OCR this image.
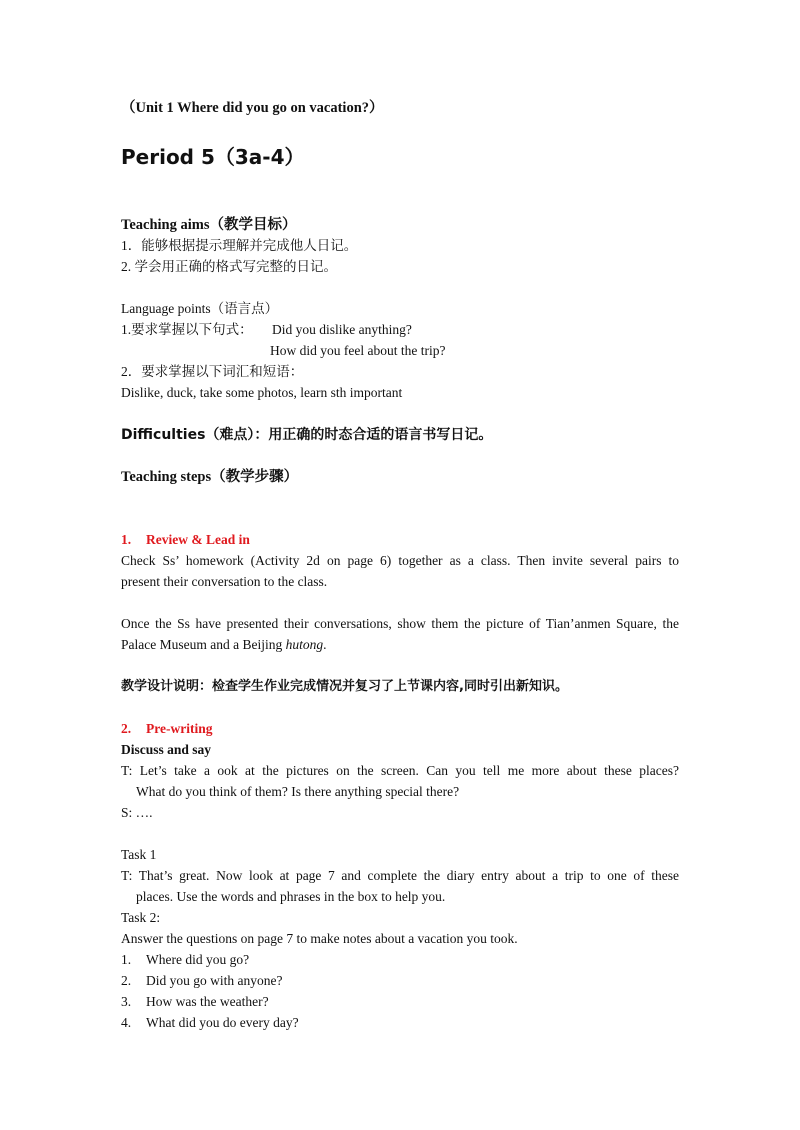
（Unit 1 Where did you go on vacation?）
Period 5（3a-4）
Teaching aims（教学目标）
1．能够根据提示理解并完成他人日记。
2. 学会用正确的格式写完整的日记。
Language points（语言点）
1.要求掌握以下句式： Did you dislike anything?
How did you feel about the trip?
2．要求掌握以下词汇和短语：
Dislike, duck, take some photos, learn sth important
Difficulties（难点）：用正确的时态合适的语言书写日记。
Teaching steps（教学步骤）
1. Review & Lead in
Check Ss’ homework (Activity 2d on page 6) together as a class. Then invite several pairs to
present their conversation to the class.
Once the Ss have presented their conversations, show them the picture of Tian’anmen Square, the
Palace Museum and a Beijing hutong.
教学设计说明：检查学生作业完成情况并复习了上节课内容,同时引出新知识。
2. Pre-writing
Discuss and say
T: Let’s take a ook at the pictures on the screen. Can you tell me more about these places?
What do you think of them? Is there anything special there?
S: ….
Task 1
T: That’s great. Now look at page 7 and complete the diary entry about a trip to one of these
places. Use the words and phrases in the box to help you.
Task 2:
Answer the questions on page 7 to make notes about a vacation you took.
1. Where did you go?
2. Did you go with anyone?
3. How was the weather?
4. What did you do every day?
